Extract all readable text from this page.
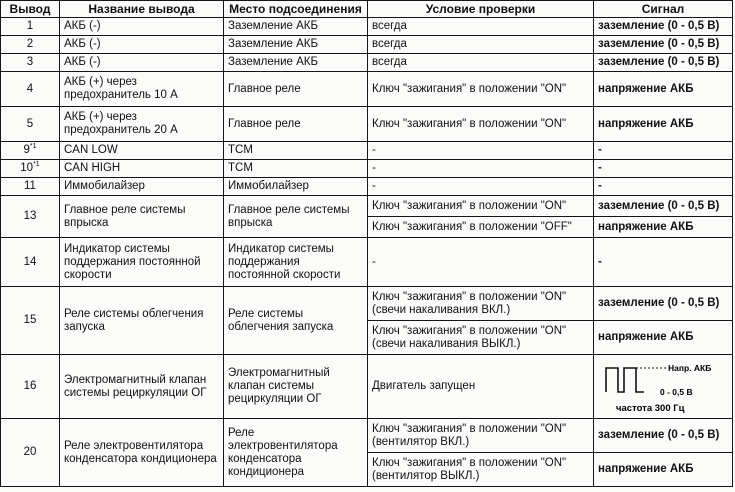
Вывод	Название вывода	Место подсоединения	Условие проверки	Сигнал
1	АКБ (-)	Заземление АКБ	всегда	заземление (0 - 0,5 В)
2	АКБ (-)	Заземление АКБ	всегда	заземление (0 - 0,5 В)
3	АКБ (-)	Заземление АКБ	всегда	заземление (0 - 0,5 В)
4	АКБ (+) через предохранитель 10 А	Главное реле	Ключ "зажигания" в положении "ON"	напряжение АКБ
5	АКБ (+) через предохранитель 20 А	Главное реле	Ключ "зажигания" в положении "ON"	напряжение АКБ
9$^{*1}$	CAN LOW	TCM	-	-
10$^{*1}$	CAN HIGH	TCM	-	-
11	Иммобилайзер	Иммобилайзер	-	-
13	Главное реле системы впрыска	Главное реле системы впрыска	Ключ "зажигания" в положении "ON"	заземление (0 - 0,5 В)
			Ключ "зажигания" в положении "OFF"	напряжение АКБ
14	Индикатор системы поддержания постоянной скорости	Индикатор системы поддержания постоянной скорости	-	-
15	Реле системы облегчения запуска	Реле системы облегчения запуска	Ключ "зажигания" в положении "ON" (свечи накаливания ВКЛ.)	заземление (0 - 0,5 В)
			Ключ "зажигания" в положении "ON" (свечи накаливания ВЫКЛ.)	напряжение АКБ
16	Электромагнитный клапан системы рециркуляции ОГ	Электромагнитный клапан системы рециркуляции ОГ	Двигатель запущен	Напр. АКБ
0 - 0,5 В
частота 300 Гц

20	Реле электровентилятора конденсатора кондиционера	Реле электровентилятора конденсатора кондиционера	Ключ "зажигания" в положении "ON" (вентилятор ВКЛ.)	заземление (0 - 0,5 В)
			Ключ "зажигания" в положении "ON" (вентилятор ВЫКЛ.)	напряжение АКБ
